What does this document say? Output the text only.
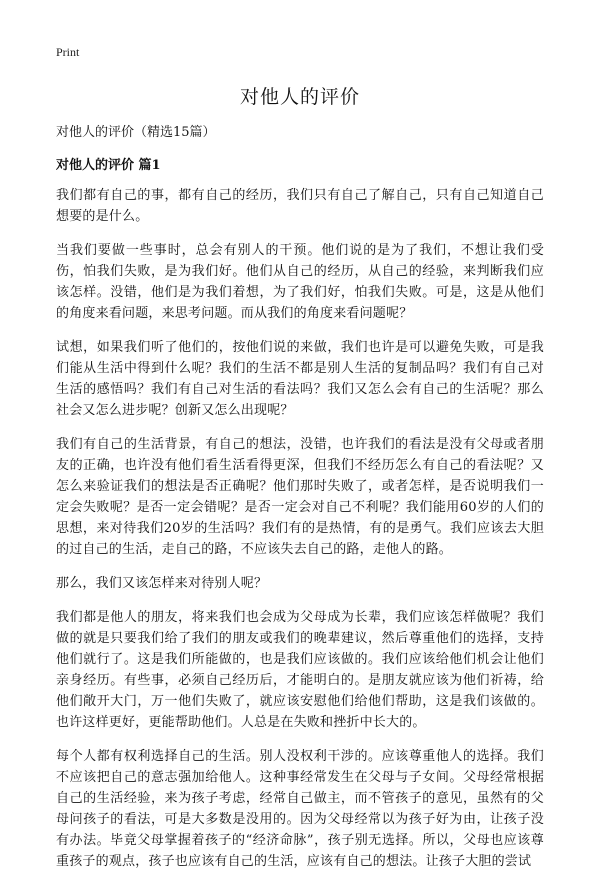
Print

对他人的评价

对他人的评价（精选15篇）

对他人的评价 篇1

我们都有自己的事，都有自己的经历，我们只有自己了解自己，只有自己知道自己想要的是什么。

当我们要做一些事时，总会有别人的干预。他们说的是为了我们，不想让我们受伤，怕我们失败，是为我们好。他们从自己的经历，从自己的经验，来判断我们应该怎样。没错，他们是为我们着想，为了我们好，怕我们失败。可是，这是从他们的角度来看问题，来思考问题。而从我们的角度来看问题呢？

试想，如果我们听了他们的，按他们说的来做，我们也许是可以避免失败，可是我们能从生活中得到什么呢？我们的生活不都是别人生活的复制品吗？我们有自己对生活的感悟吗？我们有自己对生活的看法吗？我们又怎么会有自己的生活呢？那么社会又怎么进步呢？创新又怎么出现呢？

我们有自己的生活背景，有自己的想法，没错，也许我们的看法是没有父母或者朋友的正确，也许没有他们看生活看得更深，但我们不经历怎么有自己的看法呢？又怎么来验证我们的想法是否正确呢？他们那时失败了，或者怎样，是否说明我们一定会失败呢？是否一定会错呢？是否一定会对自己不利呢？我们能用60岁的人们的思想，来对待我们20岁的生活吗？我们有的是热情，有的是勇气。我们应该去大胆的过自己的生活，走自己的路，不应该失去自己的路，走他人的路。

那么，我们又该怎样来对待别人呢？

我们都是他人的朋友，将来我们也会成为父母成为长辈，我们应该怎样做呢？我们做的就是只要我们给了我们的朋友或我们的晚辈建议，然后尊重他们的选择，支持他们就行了。这是我们所能做的，也是我们应该做的。我们应该给他们机会让他们亲身经历。有些事，必须自己经历后，才能明白的。是朋友就应该为他们祈祷，给他们敞开大门，万一他们失败了，就应该安慰他们给他们帮助，这是我们该做的。也许这样更好，更能帮助他们。人总是在失败和挫折中长大的。

每个人都有权利选择自己的生活。别人没权利干涉的。应该尊重他人的选择。我们不应该把自己的意志强加给他人。这种事经常发生在父母与子女间。父母经常根据自己的生活经验，来为孩子考虑，经常自己做主，而不管孩子的意见，虽然有的父母问孩子的看法，可是大多数是没用的。因为父母经常以为孩子好为由，让孩子没有办法。毕竟父母掌握着孩子的“经济命脉”，孩子别无选择。所以，父母也应该尊重孩子的观点，孩子也应该有自己的生活，应该有自己的想法。让孩子大胆的尝试
